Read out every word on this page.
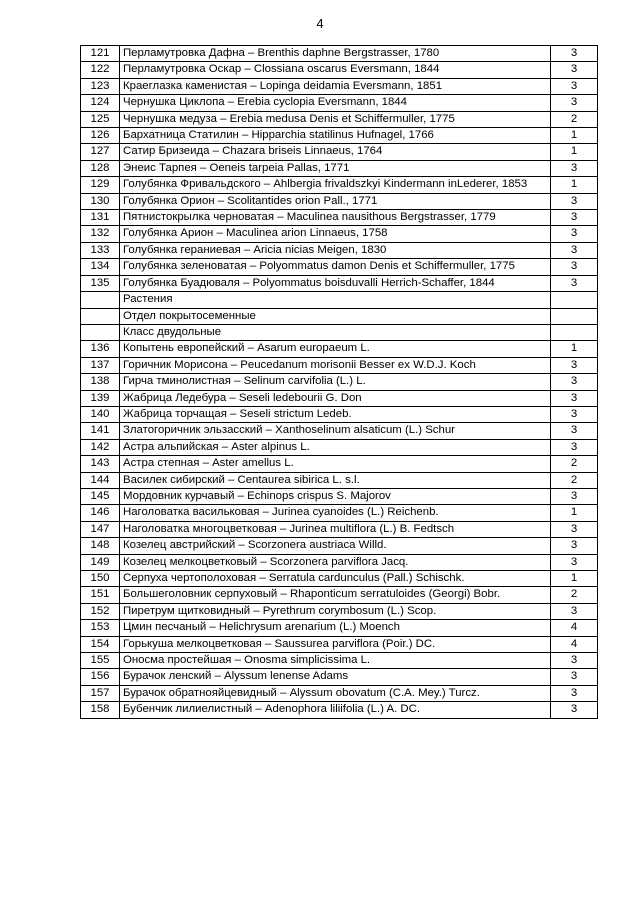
4
121	Перламутровка Дафна – Brenthis daphne Bergstrasser, 1780	3
122	Перламутровка Оскар – Clossiana oscarus Eversmann, 1844	3
123	Краеглазка каменистая – Lopinga deidamia Eversmann, 1851	3
124	Чернушка Циклопа – Erebia cyclopia Eversmann, 1844	3
125	Чернушка медуза – Erebia medusa Denis et Schiffermuller, 1775	2
126	Бархатница Статилин – Hipparchia statilinus Hufnagel, 1766	1
127	Сатир Бризеида – Chazara briseis Linnaeus, 1764	1
128	Энеис Тарпея – Oeneis tarpeia Pallas, 1771	3
129	Голубянка Фривальдского – Ahlbergia frivaldszkyi Kindermann inLederer, 1853	1
130	Голубянка Орион – Scolitantides orion Pall., 1771	3
131	Пятнистокрылка черноватая – Maculinea nausithous Bergstrasser, 1779	3
132	Голубянка Арион – Maculinea arion Linnaeus, 1758	3
133	Голубянка гераниевая – Aricia nicias Meigen, 1830	3
134	Голубянка зеленоватая – Polyommatus damon Denis et Schiffermuller, 1775	3
135	Голубянка Буадюваля – Polyommatus boisduvalli Herrich-Schaffer, 1844	3
	Растения	
	Отдел покрытосеменные	
	Класс двудольные	
136	Копытень европейский – Asarum europaeum L.	1
137	Горичник Морисона – Peucedanum morisonii Besser ex W.D.J. Koch	3
138	Гирча тминолистная – Selinum carvifolia (L.) L.	3
139	Жабрица Ледебура – Seseli ledebourii G. Don	3
140	Жабрица торчащая – Seseli strictum Ledeb.	3
141	Златогоричник эльзасский – Xanthoselinum alsaticum (L.) Schur	3
142	Астра альпийская – Aster alpinus L.	3
143	Астра степная – Aster amellus L.	2
144	Василек сибирский – Centaurea sibirica L. s.l.	2
145	Мордовник курчавый – Echinops crispus S. Majorov	3
146	Наголоватка васильковая – Jurinea cyanoides (L.) Reichenb.	1
147	Наголоватка многоцветковая – Jurinea multiflora (L.) B. Fedtsch	3
148	Козелец австрийский – Scorzonera austriaca Willd.	3
149	Козелец мелкоцветковый – Scorzonera parviflora Jacq.	3
150	Серпуха чертополоховая – Serratula cardunculus (Pall.) Schischk.	1
151	Большеголовник серпуховый – Rhaponticum serratuloides (Georgi) Bobr.	2
152	Пиретрум щитковидный – Pyrethrum corymbosum (L.) Scop.	3
153	Цмин песчаный – Helichrysum arenarium (L.) Moench	4
154	Горькуша мелкоцветковая – Saussurea parviflora (Poir.) DC.	4
155	Оносма простейшая – Onosma simplicissima L.	3
156	Бурачок ленский – Alyssum lenense Adams	3
157	Бурачок обратнояйцевидный – Alyssum obovatum (C.A. Mey.) Turcz.	3
158	Бубенчик лилиелистный – Adenophora liliifolia (L.) A. DC.	3
